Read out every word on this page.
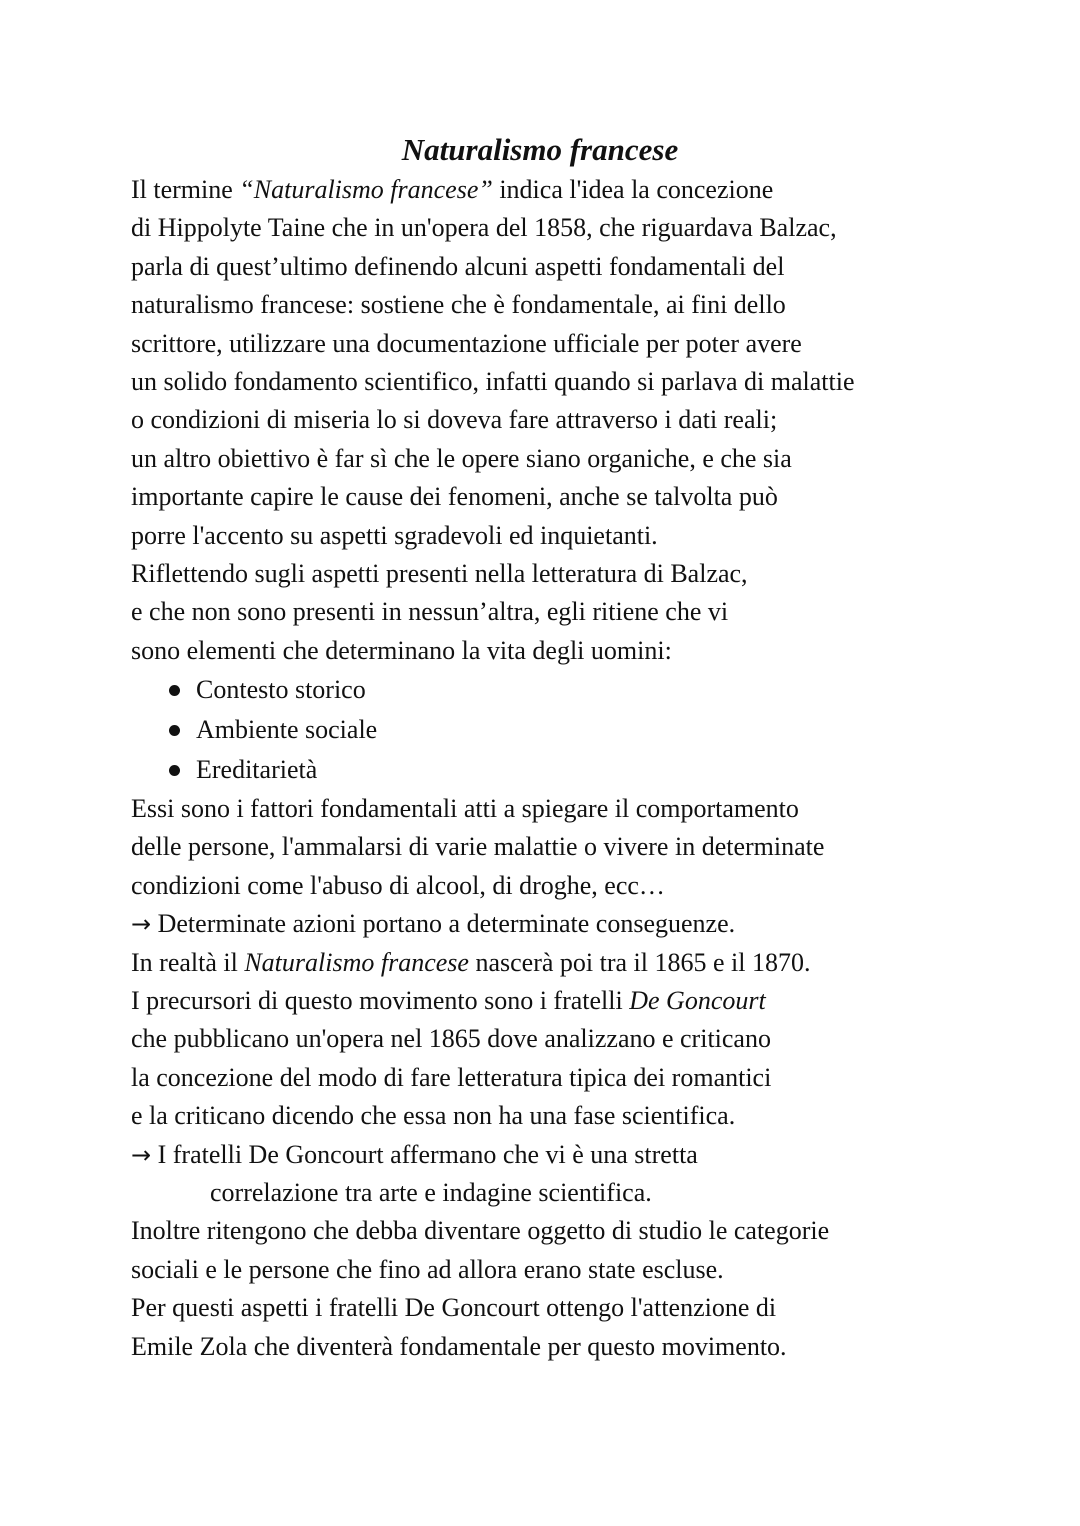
Naturalismo francese
Il termine “Naturalismo francese” indica l'idea la concezione
di Hippolyte Taine che in un'opera del 1858, che riguardava Balzac,
parla di quest’ultimo definendo alcuni aspetti fondamentali del
naturalismo francese: sostiene che è fondamentale, ai fini dello
scrittore, utilizzare una documentazione ufficiale per poter avere
un solido fondamento scientifico, infatti quando si parlava di malattie
o condizioni di miseria lo si doveva fare attraverso i dati reali;
un altro obiettivo è far sì che le opere siano organiche, e che sia
importante capire le cause dei fenomeni, anche se talvolta può
porre l'accento su aspetti sgradevoli ed inquietanti.
Riflettendo sugli aspetti presenti nella letteratura di Balzac,
e che non sono presenti in nessun’altra, egli ritiene che vi
sono elementi che determinano la vita degli uomini:
Contesto storico
Ambiente sociale
Ereditarietà
Essi sono i fattori fondamentali atti a spiegare il comportamento
delle persone, l'ammalarsi di varie malattie o vivere in determinate
condizioni come l'abuso di alcool, di droghe, ecc…
→ Determinate azioni portano a determinate conseguenze.
In realtà il Naturalismo francese nascerà poi tra il 1865 e il 1870.
I precursori di questo movimento sono i fratelli De Goncourt
che pubblicano un'opera nel 1865 dove analizzano e criticano
la concezione del modo di fare letteratura tipica dei romantici
e la criticano dicendo che essa non ha una fase scientifica.
→ I fratelli De Goncourt affermano che vi è una stretta
correlazione tra arte e indagine scientifica.
Inoltre ritengono che debba diventare oggetto di studio le categorie
sociali e le persone che fino ad allora erano state escluse.
Per questi aspetti i fratelli De Goncourt ottengo l'attenzione di
Emile Zola che diventerà fondamentale per questo movimento.
